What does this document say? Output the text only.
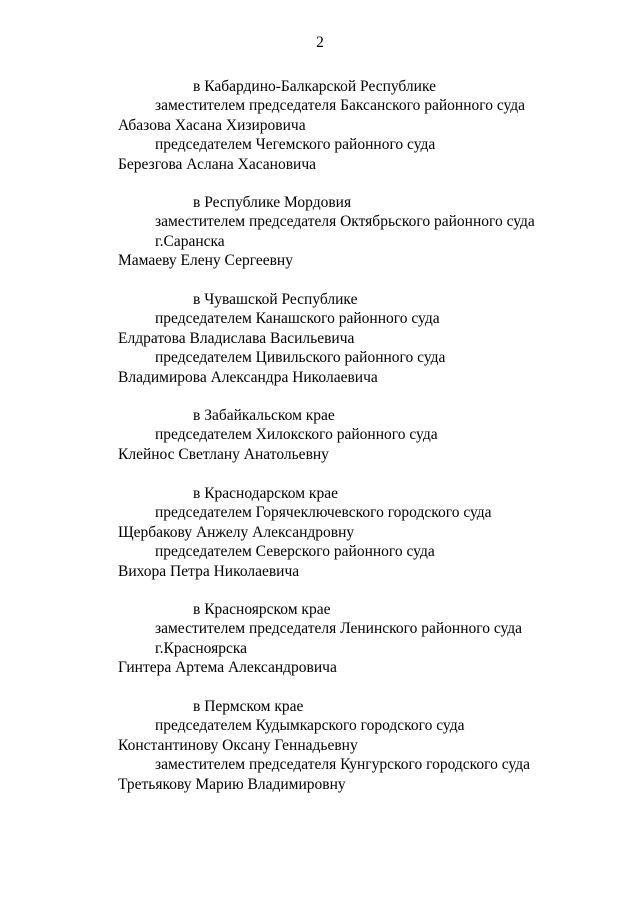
2
в Кабардино-Балкарской Республике
заместителем председателя Баксанского районного суда
Абазова Хасана Хизировича
председателем Чегемского районного суда
Березгова Аслана Хасановича
в Республике Мордовия
заместителем председателя Октябрьского районного суда
г.Саранска
Мамаеву Елену Сергеевну
в Чувашской Республике
председателем Канашского районного суда
Елдратова Владислава Васильевича
председателем Цивильского районного суда
Владимирова Александра Николаевича
в Забайкальском крае
председателем Хилокского районного суда
Клейнос Светлану Анатольевну
в Краснодарском крае
председателем Горячеключевского городского суда
Щербакову Анжелу Александровну
председателем Северского районного суда
Вихора Петра Николаевича
в Красноярском крае
заместителем председателя Ленинского районного суда
г.Красноярска
Гинтера Артема Александровича
в Пермском крае
председателем Кудымкарского городского суда
Константинову Оксану Геннадьевну
заместителем председателя Кунгурского городского суда
Третьякову Марию Владимировну
